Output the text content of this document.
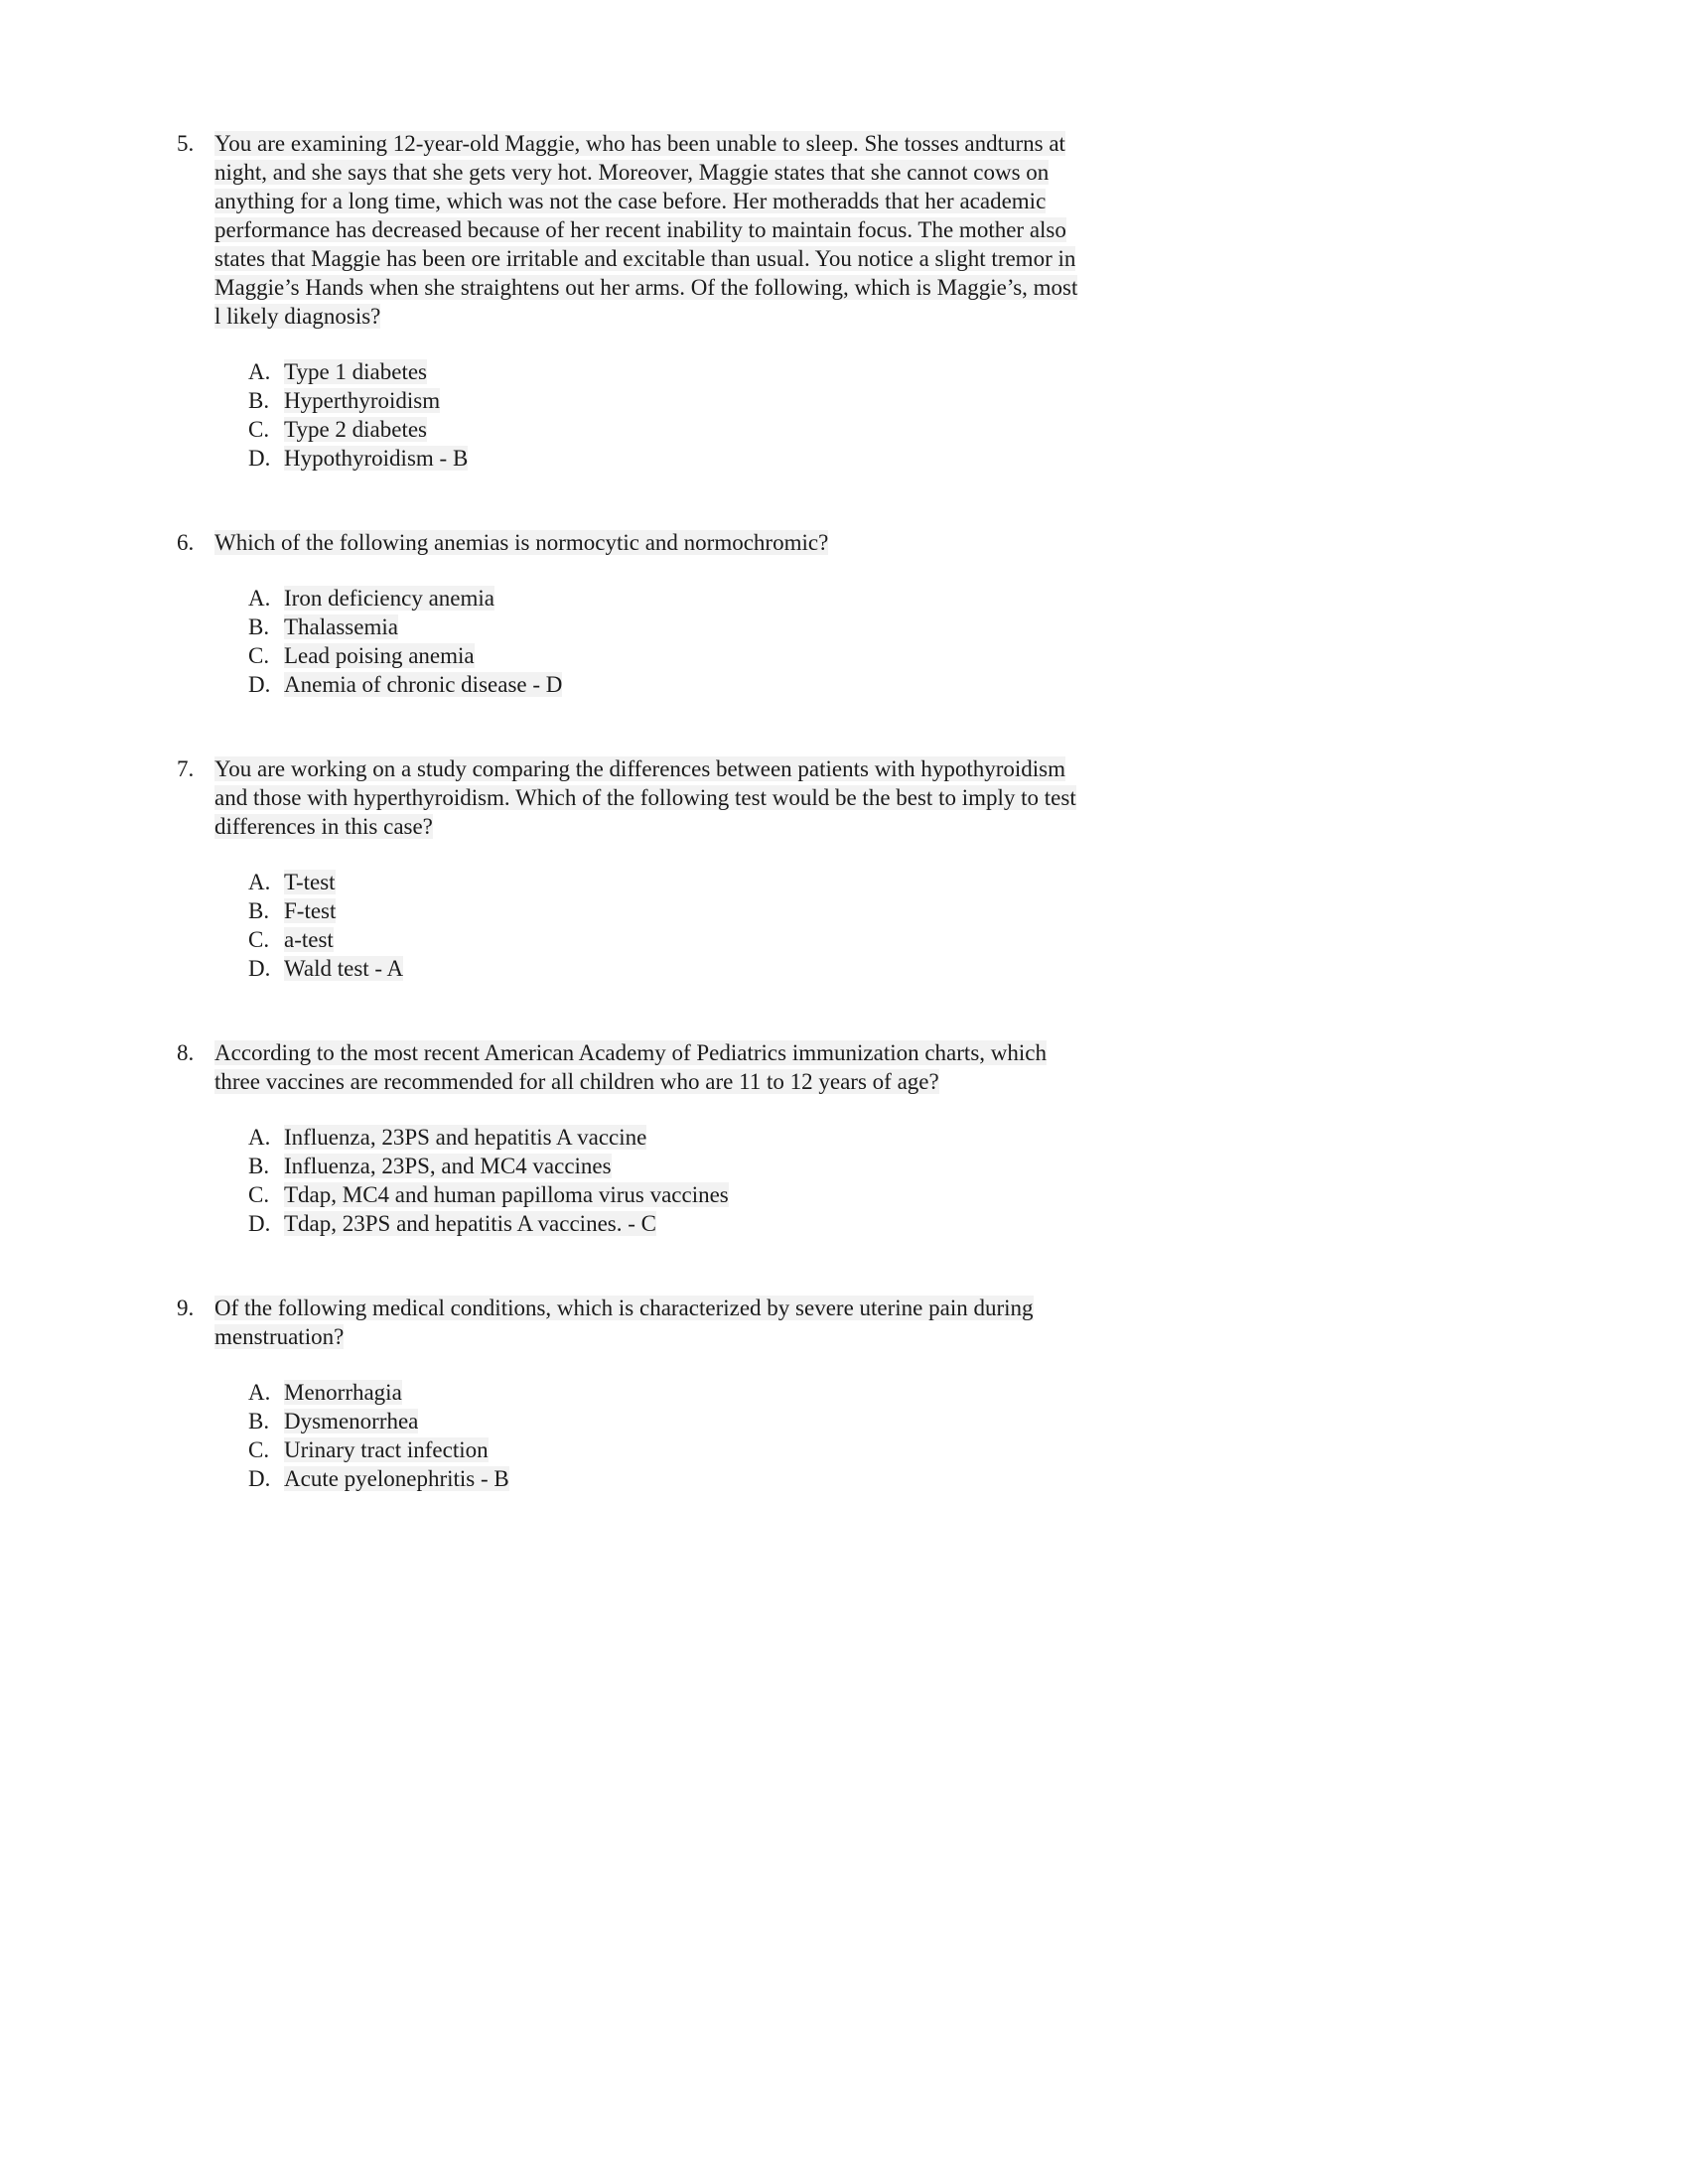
5. You are examining 12-year-old Maggie, who has been unable to sleep. She tosses andturns at night, and she says that she gets very hot. Moreover, Maggie states that she cannot cows on anything for a long time, which was not the case before. Her motheradds that her academic performance has decreased because of her recent inability to maintain focus. The mother also states that Maggie has been ore irritable and excitable than usual. You notice a slight tremor in Maggie’s Hands when she straightens out her arms. Of the following, which is Maggie’s, most l likely diagnosis?
A. Type 1 diabetes
B. Hyperthyroidism
C. Type 2 diabetes
D. Hypothyroidism - B
6. Which of the following anemias is normocytic and normochromic?
A. Iron deficiency anemia
B. Thalassemia
C. Lead poising anemia
D. Anemia of chronic disease - D
7. You are working on a study comparing the differences between patients with hypothyroidism and those with hyperthyroidism. Which of the following test would be the best to imply to test differences in this case?
A. T-test
B. F-test
C. a-test
D. Wald test - A
8. According to the most recent American Academy of Pediatrics immunization charts, which three vaccines are recommended for all children who are 11 to 12 years of age?
A. Influenza, 23PS and hepatitis A vaccine
B. Influenza, 23PS, and MC4 vaccines
C. Tdap, MC4 and human papilloma virus vaccines
D. Tdap, 23PS and hepatitis A vaccines. - C
9. Of the following medical conditions, which is characterized by severe uterine pain during menstruation?
A. Menorrhagia
B. Dysmenorrhea
C. Urinary tract infection
D. Acute pyelonephritis - B
